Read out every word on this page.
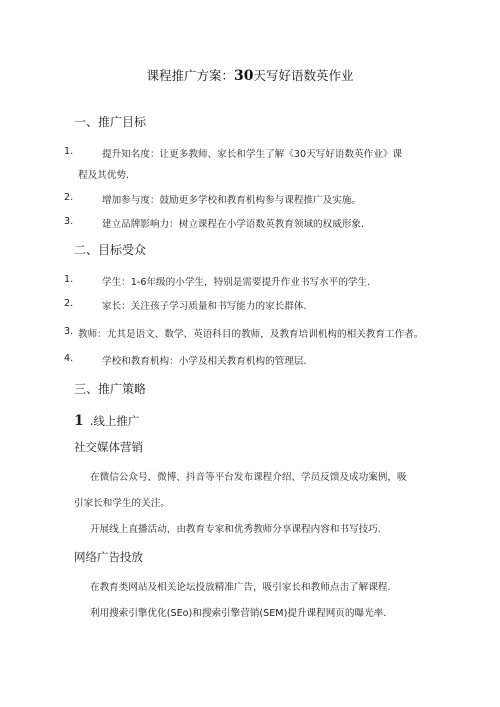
课程推广方案：30天写好语数英作业
一、推广目标
1.	提升知名度：让更多教师、家长和学生了解《30天写好语数英作业》课
程及其优势.
2.	增加参与度：鼓励更多学校和教育机构参与课程推广及实施。
3.	建立品牌影响力：树立课程在小学语数英教育领域的权威形象.
二、目标受众
1.	学生：1-6年级的小学生，特别是需要提升作业书写水平的学生.
2.	家长：关注孩子学习质量和书写能力的家长群体.
3. 教师：尤其是语文、数学、英语科目的教师，及教育培训机构的相关教育工作者。
4.	学校和教育机构：小学及相关教育机构的管理层.
三、推广策略
1 .线上推广
社交媒体营销
在微信公众号、微博、抖音等平台发布课程介绍、学员反馈及成功案例，吸
引家长和学生的关注。
开展线上直播活动，由教育专家和优秀教师分享课程内容和书写技巧.
网络广告投放
在教育类网站及相关论坛投放精准广告，吸引家长和教师点击了解课程.
利用搜索引擎优化(SEo)和搜索引擎营销(SEM)提升课程网页的曝光率.
